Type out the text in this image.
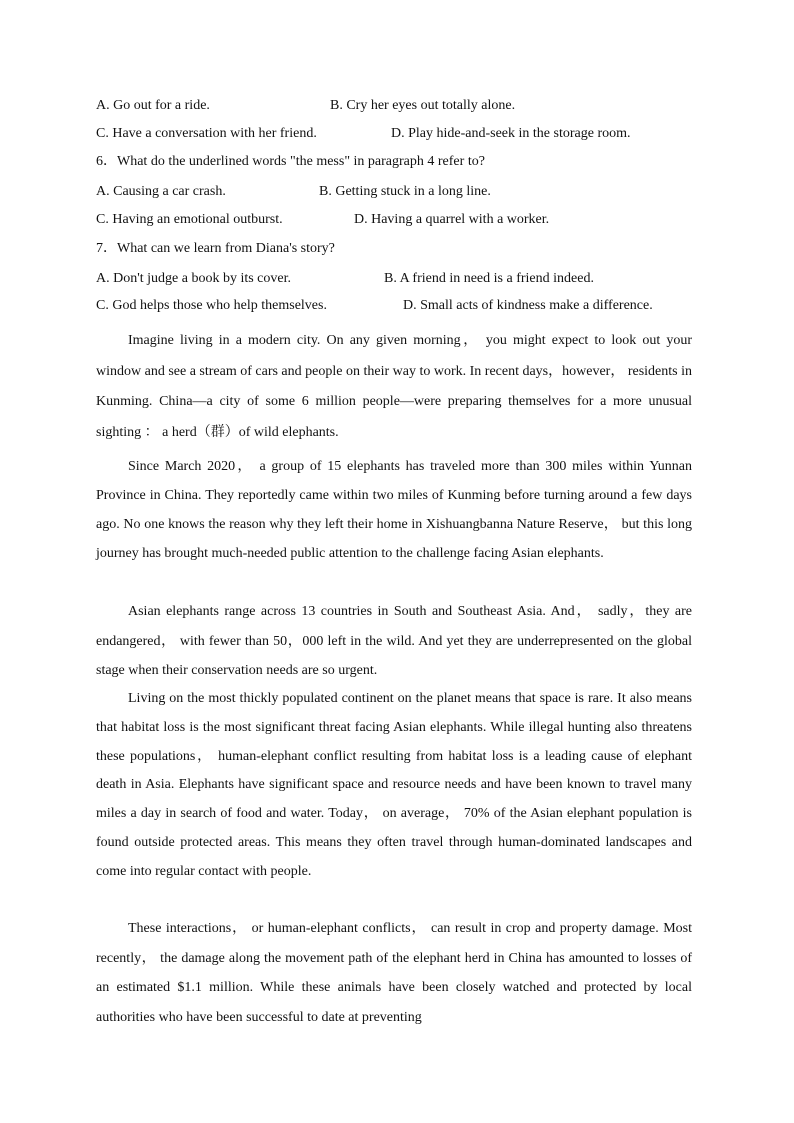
A. Go out for a ride.	B. Cry her eyes out totally alone.
C. Have a conversation with her friend.	D. Play hide-and-seek in the storage room.
6．What do the underlined words "the mess" in paragraph 4 refer to?
A. Causing a car crash.	B. Getting stuck in a long line.
C. Having an emotional outburst.	D. Having a quarrel with a worker.
7．What can we learn from Diana's story?
A. Don't judge a book by its cover.	B. A friend in need is a friend indeed.
C. God helps those who help themselves.	D. Small acts of kindness make a difference.

Imagine living in a modern city. On any given morning， you might expect to look out your window and see a stream of cars and people on their way to work. In recent days，however， residents in Kunming. China—a city of some 6 million people—were preparing themselves for a more unusual sighting ： a herd（群）of wild elephants.

Since March 2020， a group of 15 elephants has traveled more than 300 miles within Yunnan Province in China. They reportedly came within two miles of Kunming before turning around a few days ago. No one knows the reason why they left their home in Xishuangbanna Nature Reserve， but this long journey has brought much-needed public attention to the challenge facing Asian elephants.

Asian elephants range across 13 countries in South and Southeast Asia. And， sadly，they are endangered， with fewer than 50，000 left in the wild. And yet they are underrepresented on the global stage when their conservation needs are so urgent.

Living on the most thickly populated continent on the planet means that space is rare. It also means that habitat loss is the most significant threat facing Asian elephants. While illegal hunting also threatens these populations， human-elephant conflict resulting from habitat loss is a leading cause of elephant death in Asia. Elephants have significant space and resource needs and have been known to travel many miles a day in search of food and water. Today， on average， 70% of the Asian elephant population is found outside protected areas. This means they often travel through human-dominated landscapes and come into regular contact with people.

These interactions， or human-elephant conflicts， can result in crop and property damage. Most recently， the damage along the movement path of the elephant herd in China has amounted to losses of an estimated $1.1 million. While these animals have been closely watched and protected by local authorities who have been successful to date at preventing
